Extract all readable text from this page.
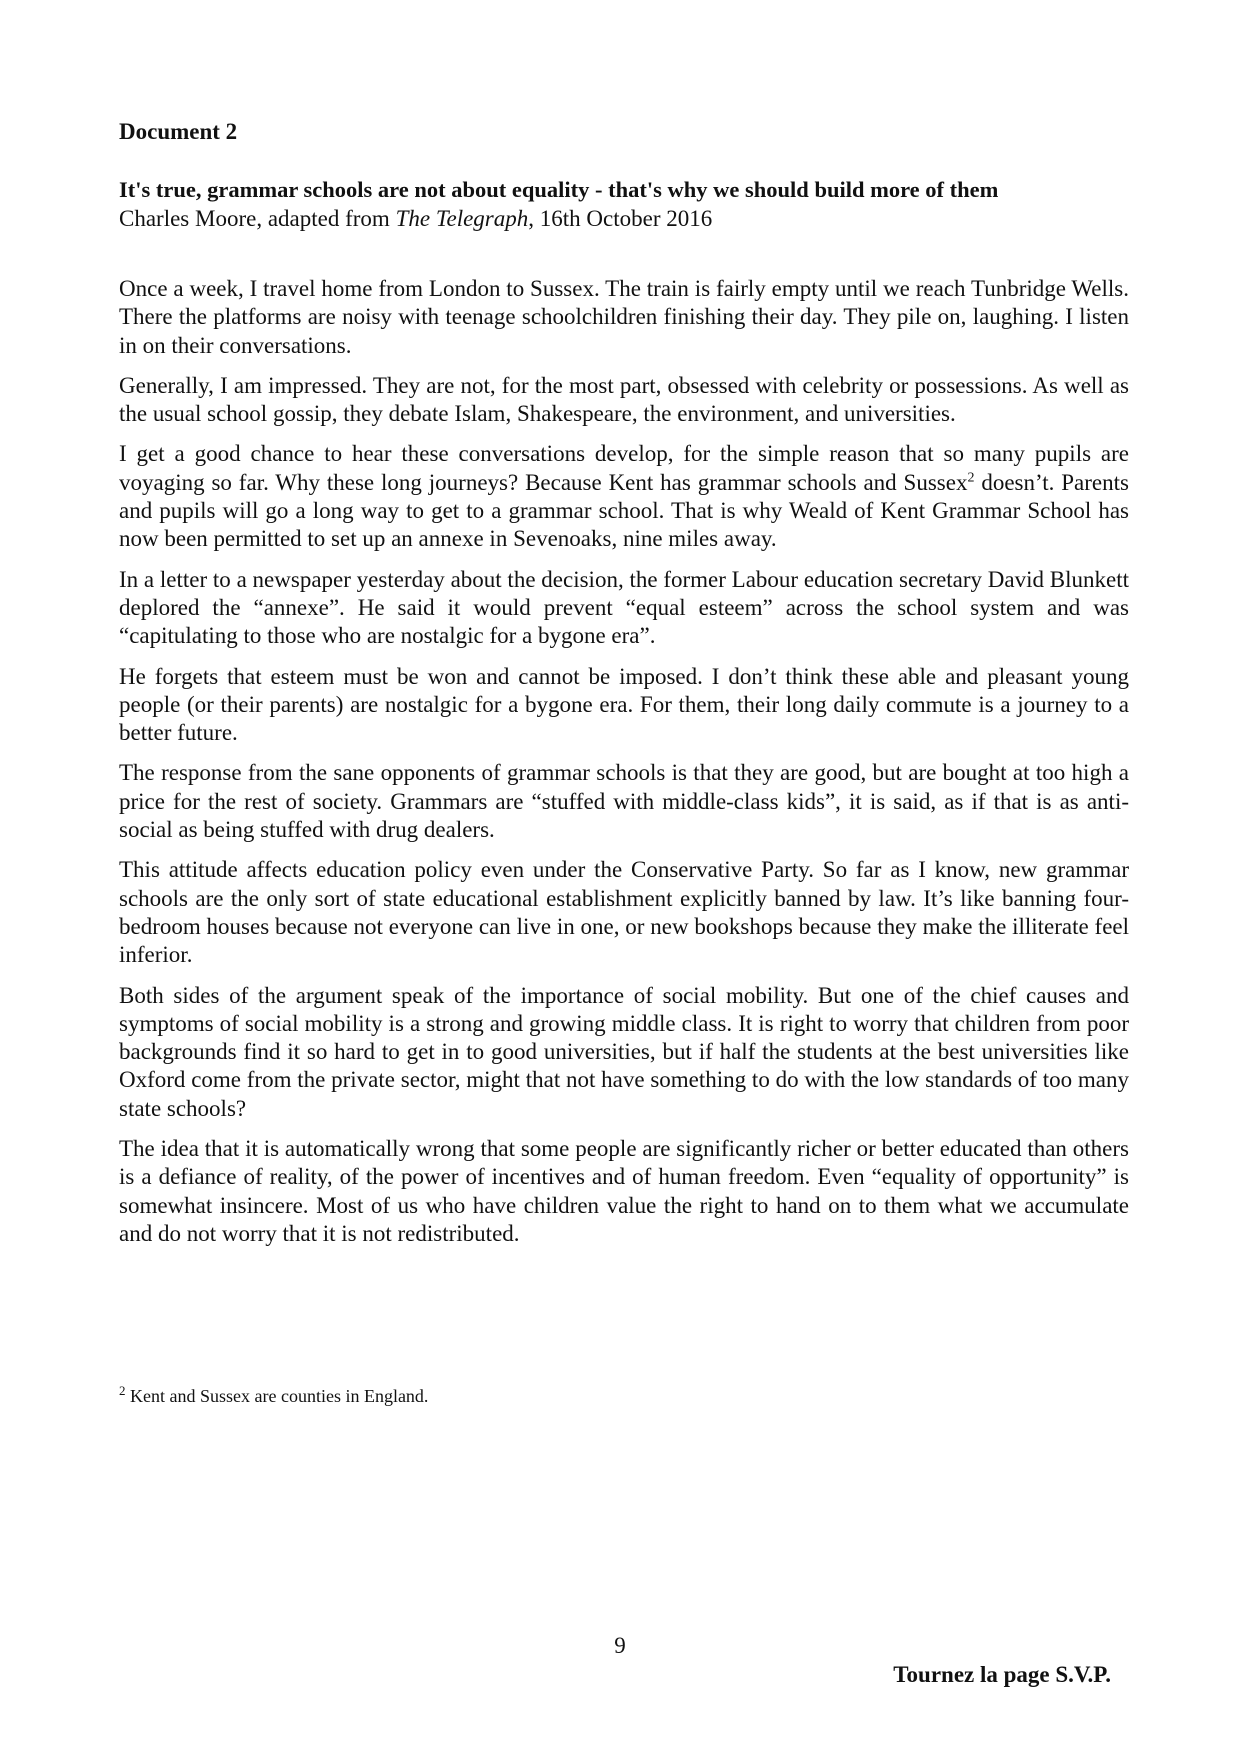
Document 2

It's true, grammar schools are not about equality - that's why we should build more of them

Charles Moore, adapted from The Telegraph, 16th October 2016

Once a week, I travel home from London to Sussex. The train is fairly empty until we reach Tunbridge Wells. There the platforms are noisy with teenage schoolchildren finishing their day. They pile on, laughing. I listen in on their conversations.

Generally, I am impressed. They are not, for the most part, obsessed with celebrity or possessions. As well as the usual school gossip, they debate Islam, Shakespeare, the environment, and universities.

I get a good chance to hear these conversations develop, for the simple reason that so many pupils are voyaging so far. Why these long journeys? Because Kent has grammar schools and Sussex$^2$ doesn’t. Parents and pupils will go a long way to get to a grammar school. That is why Weald of Kent Grammar School has now been permitted to set up an annexe in Sevenoaks, nine miles away.

In a letter to a newspaper yesterday about the decision, the former Labour education secretary David Blunkett deplored the “annexe”. He said it would prevent “equal esteem” across the school system and was “capitulating to those who are nostalgic for a bygone era”.

He forgets that esteem must be won and cannot be imposed. I don’t think these able and pleasant young people (or their parents) are nostalgic for a bygone era. For them, their long daily commute is a journey to a better future.

The response from the sane opponents of grammar schools is that they are good, but are bought at too high a price for the rest of society. Grammars are “stuffed with middle-class kids”, it is said, as if that is as anti-social as being stuffed with drug dealers.

This attitude affects education policy even under the Conservative Party. So far as I know, new grammar schools are the only sort of state educational establishment explicitly banned by law. It’s like banning four-bedroom houses because not everyone can live in one, or new bookshops because they make the illiterate feel inferior.

Both sides of the argument speak of the importance of social mobility. But one of the chief causes and symptoms of social mobility is a strong and growing middle class. It is right to worry that children from poor backgrounds find it so hard to get in to good universities, but if half the students at the best universities like Oxford come from the private sector, might that not have something to do with the low standards of too many state schools?

The idea that it is automatically wrong that some people are significantly richer or better educated than others is a defiance of reality, of the power of incentives and of human freedom. Even “equality of opportunity” is somewhat insincere. Most of us who have children value the right to hand on to them what we accumulate and do not worry that it is not redistributed.

$^2$ Kent and Sussex are counties in England.

9

Tournez la page S.V.P.
